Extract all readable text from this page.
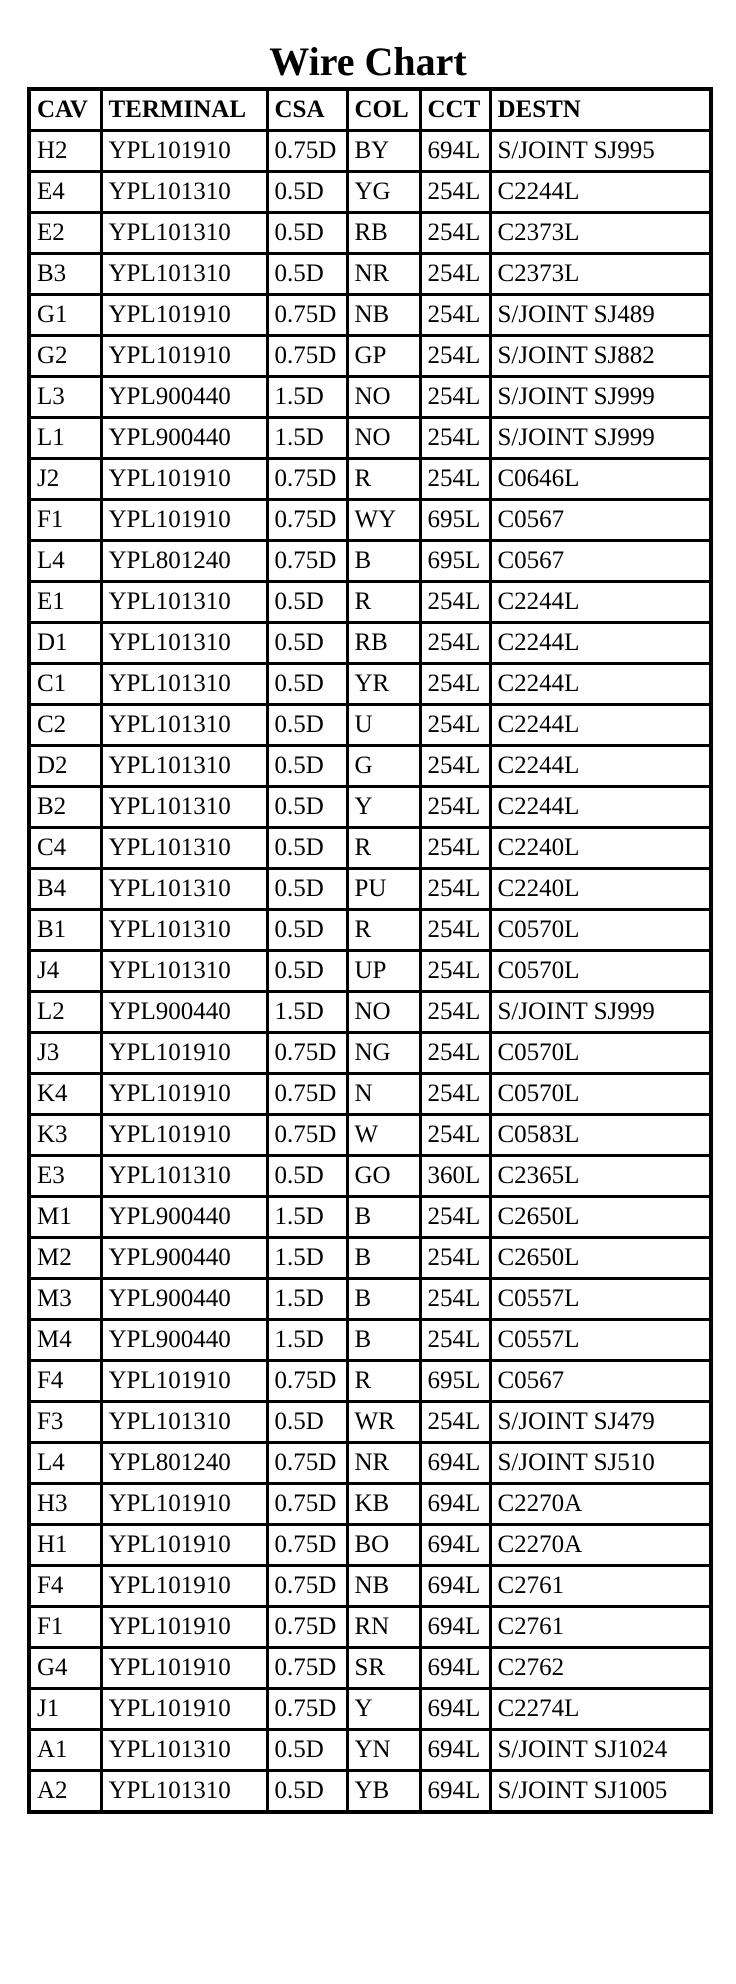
Wire Chart
CAV	TERMINAL	CSA	COL	CCT	DESTN
H2	YPL101910	0.75D	BY	694L	S/JOINT SJ995
E4	YPL101310	0.5D	YG	254L	C2244L
E2	YPL101310	0.5D	RB	254L	C2373L
B3	YPL101310	0.5D	NR	254L	C2373L
G1	YPL101910	0.75D	NB	254L	S/JOINT SJ489
G2	YPL101910	0.75D	GP	254L	S/JOINT SJ882
L3	YPL900440	1.5D	NO	254L	S/JOINT SJ999
L1	YPL900440	1.5D	NO	254L	S/JOINT SJ999
J2	YPL101910	0.75D	R	254L	C0646L
F1	YPL101910	0.75D	WY	695L	C0567
L4	YPL801240	0.75D	B	695L	C0567
E1	YPL101310	0.5D	R	254L	C2244L
D1	YPL101310	0.5D	RB	254L	C2244L
C1	YPL101310	0.5D	YR	254L	C2244L
C2	YPL101310	0.5D	U	254L	C2244L
D2	YPL101310	0.5D	G	254L	C2244L
B2	YPL101310	0.5D	Y	254L	C2244L
C4	YPL101310	0.5D	R	254L	C2240L
B4	YPL101310	0.5D	PU	254L	C2240L
B1	YPL101310	0.5D	R	254L	C0570L
J4	YPL101310	0.5D	UP	254L	C0570L
L2	YPL900440	1.5D	NO	254L	S/JOINT SJ999
J3	YPL101910	0.75D	NG	254L	C0570L
K4	YPL101910	0.75D	N	254L	C0570L
K3	YPL101910	0.75D	W	254L	C0583L
E3	YPL101310	0.5D	GO	360L	C2365L
M1	YPL900440	1.5D	B	254L	C2650L
M2	YPL900440	1.5D	B	254L	C2650L
M3	YPL900440	1.5D	B	254L	C0557L
M4	YPL900440	1.5D	B	254L	C0557L
F4	YPL101910	0.75D	R	695L	C0567
F3	YPL101310	0.5D	WR	254L	S/JOINT SJ479
L4	YPL801240	0.75D	NR	694L	S/JOINT SJ510
H3	YPL101910	0.75D	KB	694L	C2270A
H1	YPL101910	0.75D	BO	694L	C2270A
F4	YPL101910	0.75D	NB	694L	C2761
F1	YPL101910	0.75D	RN	694L	C2761
G4	YPL101910	0.75D	SR	694L	C2762
J1	YPL101910	0.75D	Y	694L	C2274L
A1	YPL101310	0.5D	YN	694L	S/JOINT SJ1024
A2	YPL101310	0.5D	YB	694L	S/JOINT SJ1005
